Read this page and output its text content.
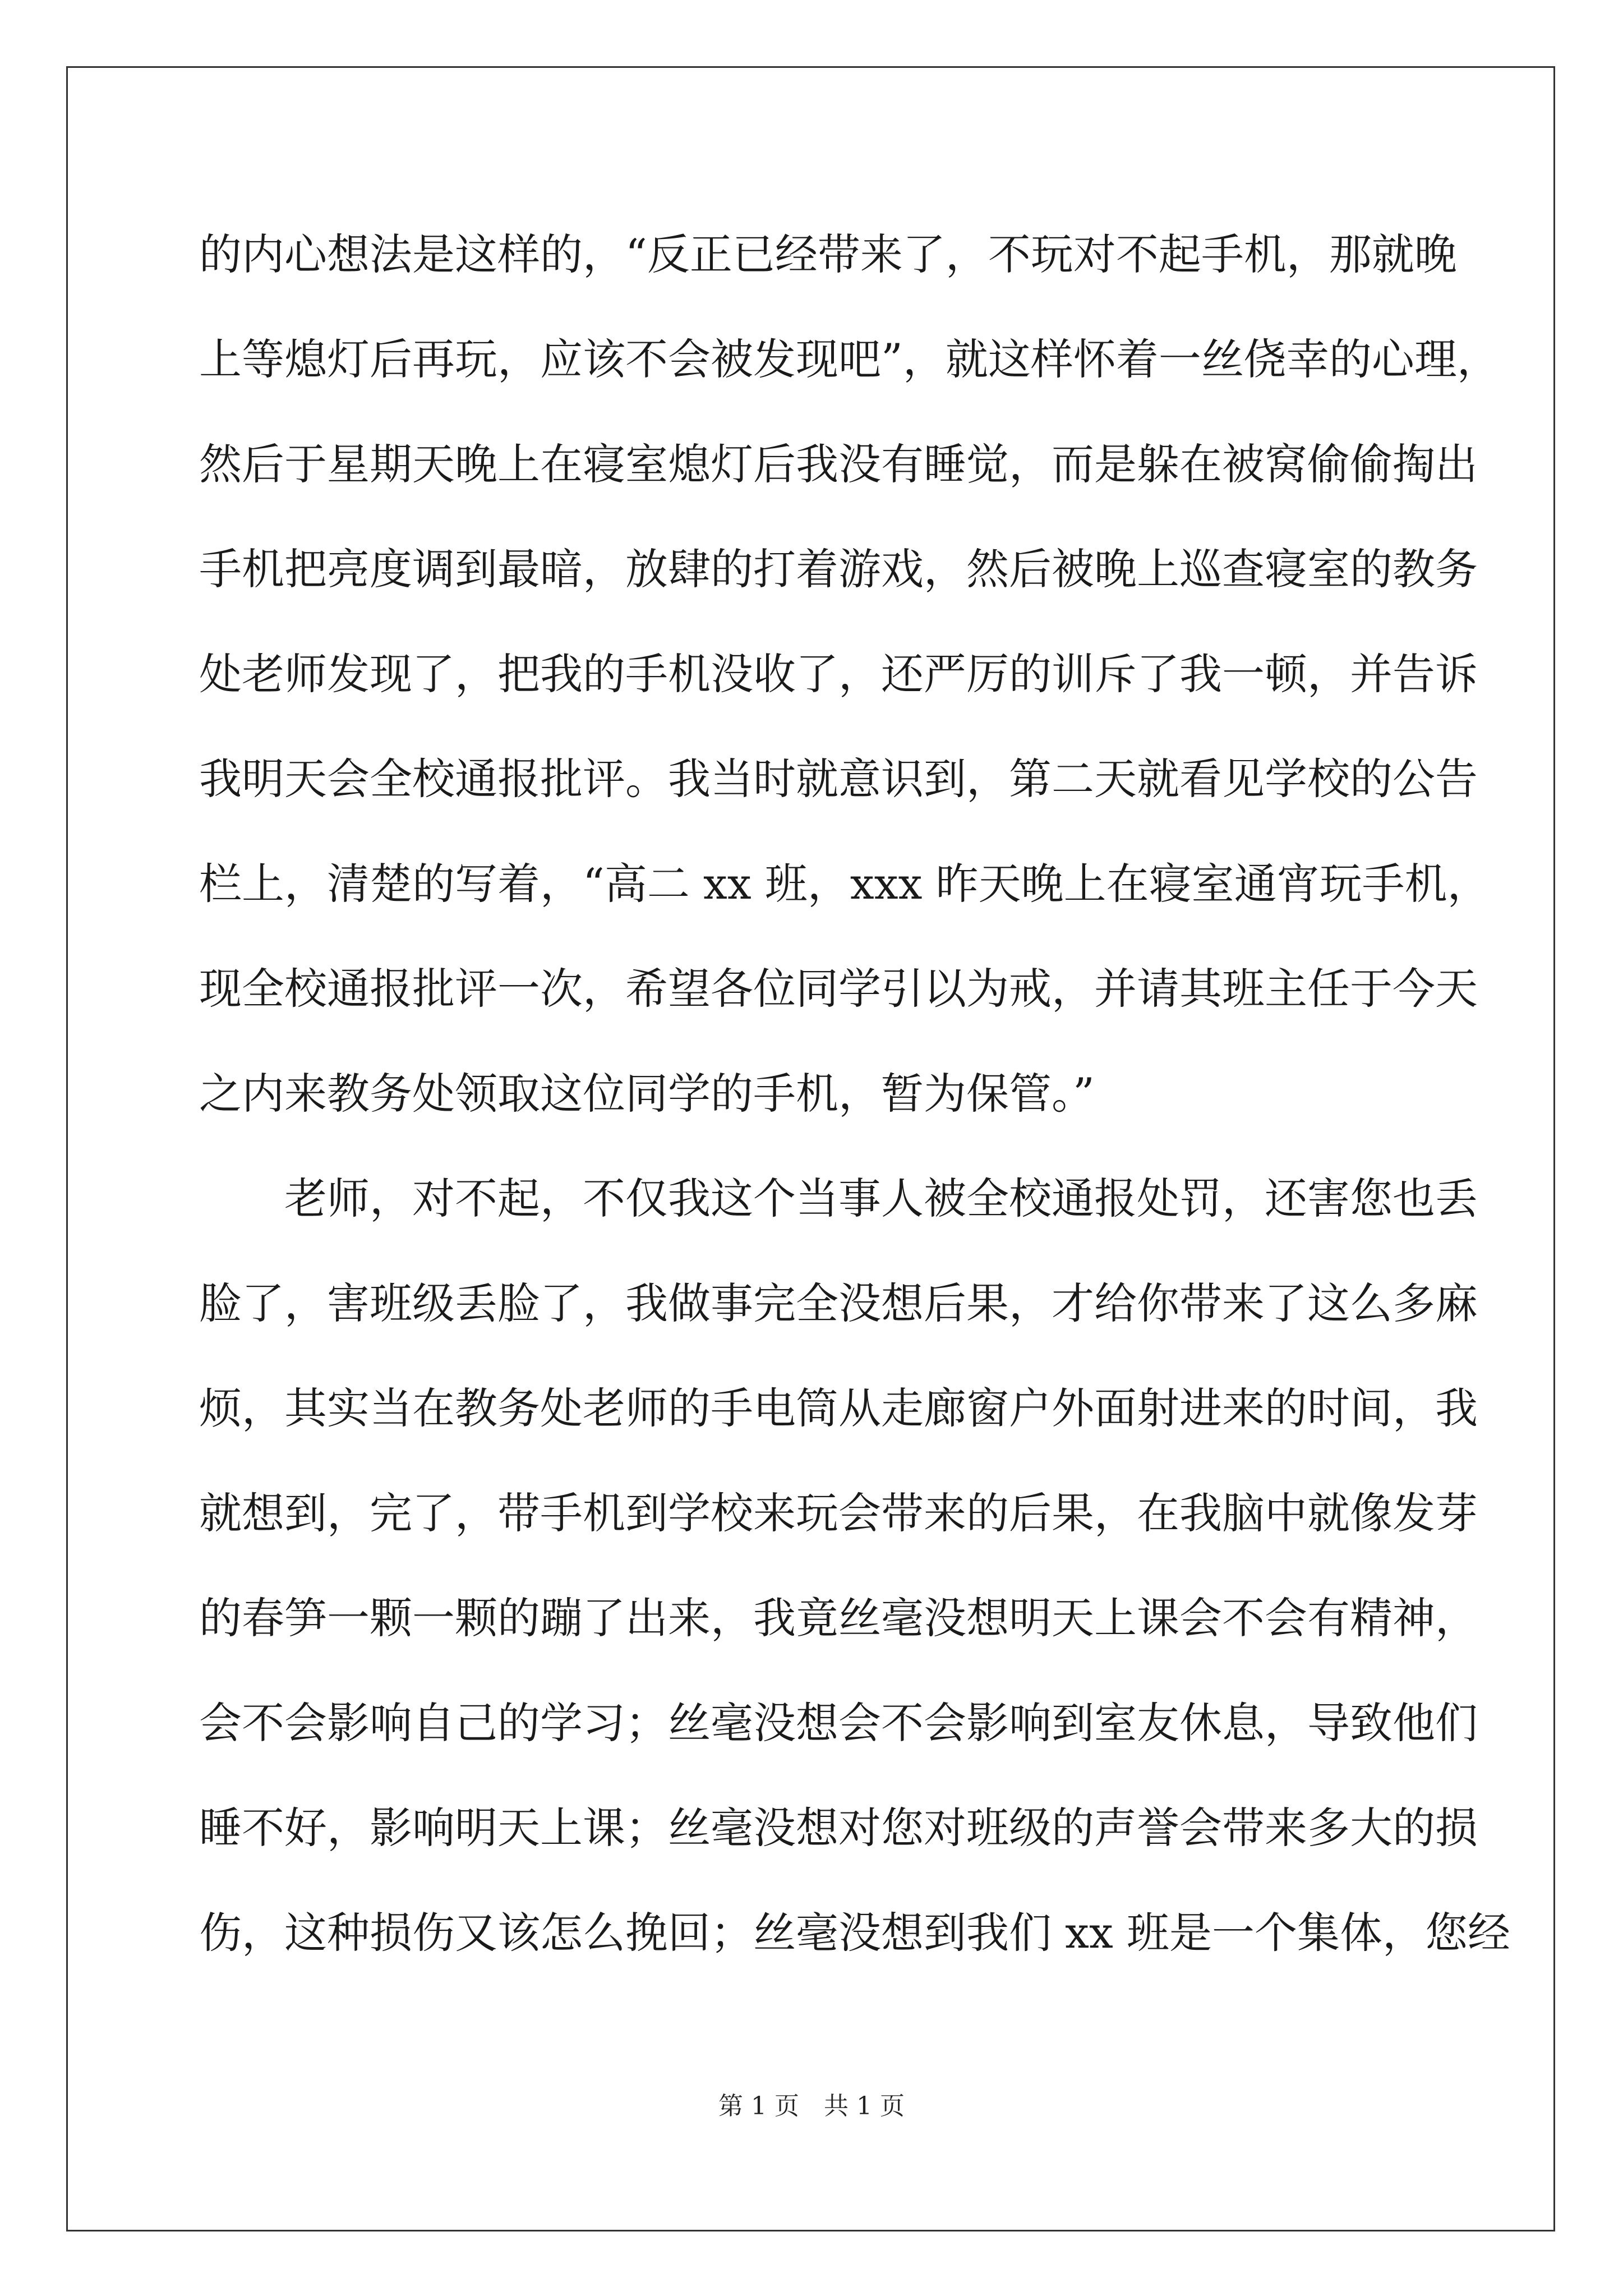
的内心想法是这样的，“反正已经带来了，不玩对不起手机，那就晚
上等熄灯后再玩，应该不会被发现吧”，就这样怀着一丝侥幸的心理，
然后于星期天晚上在寝室熄灯后我没有睡觉，而是躲在被窝偷偷掏出
手机把亮度调到最暗，放肆的打着游戏，然后被晚上巡查寝室的教务
处老师发现了，把我的手机没收了，还严厉的训斥了我一顿，并告诉
我明天会全校通报批评。我当时就意识到，第二天就看见学校的公告
栏上，清楚的写着，“高二 xx 班，xxx 昨天晚上在寝室通宵玩手机，
现全校通报批评一次，希望各位同学引以为戒，并请其班主任于今天
之内来教务处领取这位同学的手机，暂为保管。”
老师，对不起，不仅我这个当事人被全校通报处罚，还害您也丢
脸了，害班级丢脸了，我做事完全没想后果，才给你带来了这么多麻
烦，其实当在教务处老师的手电筒从走廊窗户外面射进来的时间，我
就想到，完了，带手机到学校来玩会带来的后果，在我脑中就像发芽
的春笋一颗一颗的蹦了出来，我竟丝毫没想明天上课会不会有精神，
会不会影响自己的学习；丝毫没想会不会影响到室友休息，导致他们
睡不好，影响明天上课；丝毫没想对您对班级的声誉会带来多大的损
伤，这种损伤又该怎么挽回；丝毫没想到我们 xx 班是一个集体，您经
第 1 页 共 1 页
